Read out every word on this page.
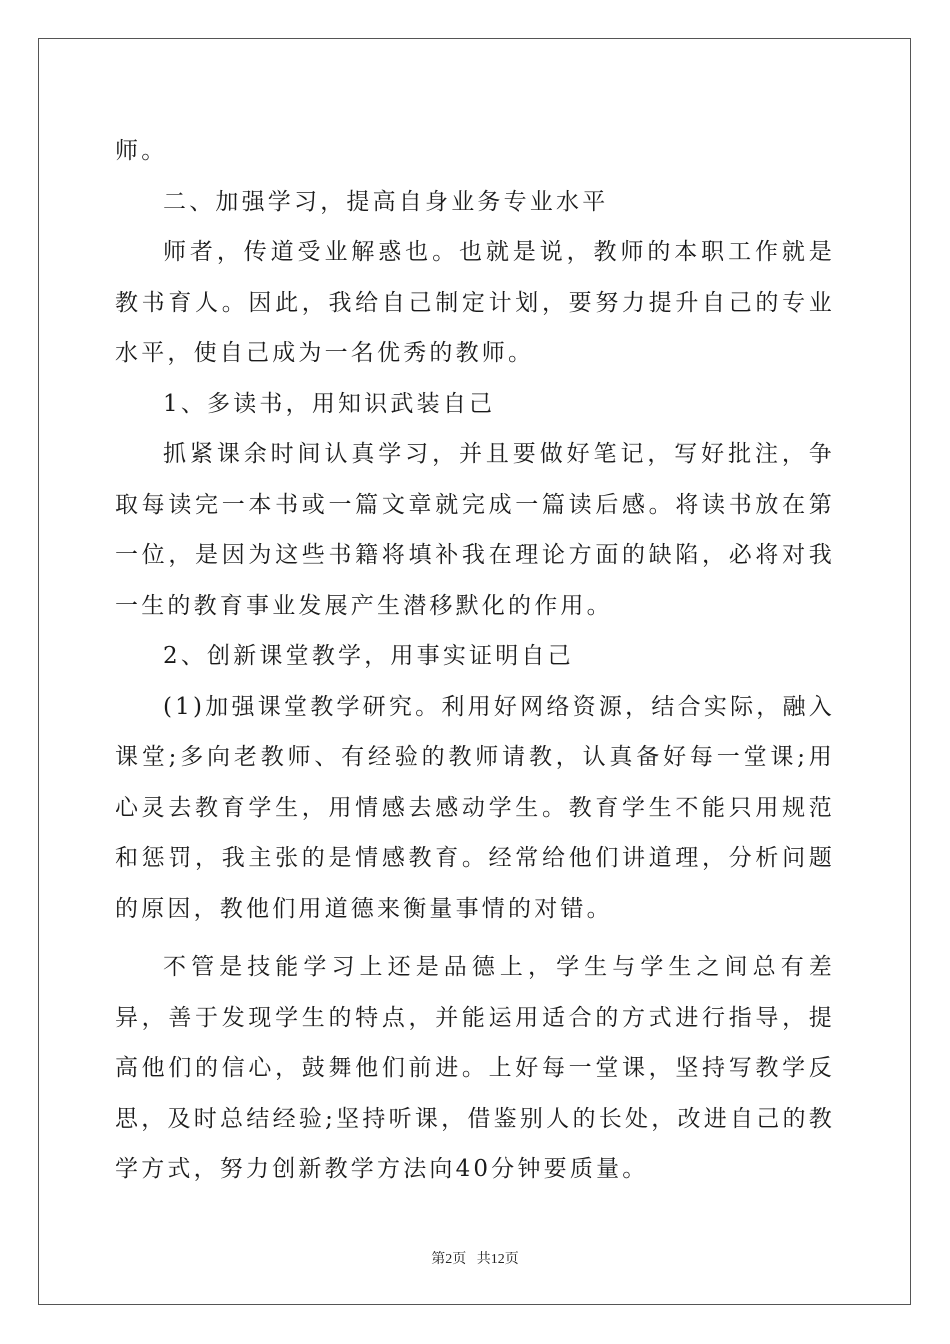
师。

二、加强学习，提高自身业务专业水平

师者，传道受业解惑也。也就是说，教师的本职工作就是教书育人。因此，我给自己制定计划，要努力提升自己的专业水平，使自己成为一名优秀的教师。

1、多读书，用知识武装自己

抓紧课余时间认真学习，并且要做好笔记，写好批注，争取每读完一本书或一篇文章就完成一篇读后感。将读书放在第一位，是因为这些书籍将填补我在理论方面的缺陷，必将对我一生的教育事业发展产生潜移默化的作用。

2、创新课堂教学，用事实证明自己

(1)加强课堂教学研究。利用好网络资源，结合实际，融入课堂;多向老教师、有经验的教师请教，认真备好每一堂课;用心灵去教育学生，用情感去感动学生。教育学生不能只用规范和惩罚，我主张的是情感教育。经常给他们讲道理，分析问题的原因，教他们用道德来衡量事情的对错。

不管是技能学习上还是品德上，学生与学生之间总有差异，善于发现学生的特点，并能运用适合的方式进行指导，提高他们的信心，鼓舞他们前进。上好每一堂课，坚持写教学反思，及时总结经验;坚持听课，借鉴别人的长处，改进自己的教学方式，努力创新教学方法向40分钟要质量。

第2页 共12页
